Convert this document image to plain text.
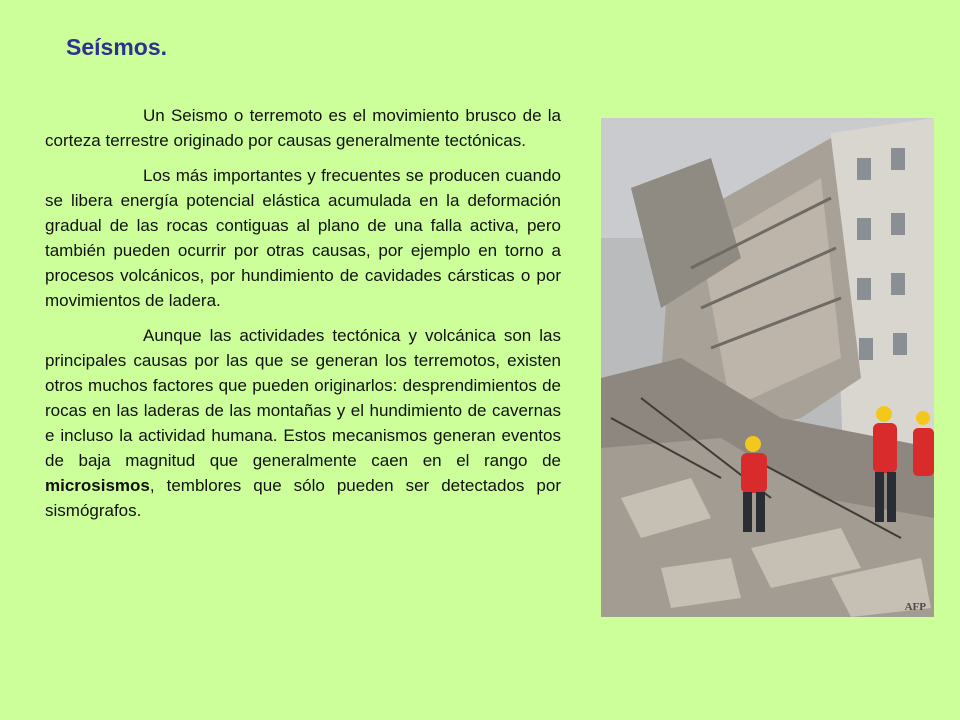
Seísmos.

Un Seismo o terremoto es el movimiento brusco de la corteza terrestre originado por causas generalmente tectónicas.

Los más importantes y frecuentes se producen cuando se libera energía potencial elástica acumulada en la deformación gradual de las rocas contiguas al plano de una falla activa, pero también pueden ocurrir por otras causas, por ejemplo en torno a procesos volcánicos, por hundimiento de cavidades cársticas o por movimientos de ladera.

Aunque las actividades tectónica y volcánica son las principales causas por las que se generan los terremotos, existen otros muchos factores que pueden originarlos: desprendimientos de rocas en las laderas de las montañas y el hundimiento de cavernas e incluso la actividad humana. Estos mecanismos generan eventos de baja magnitud que generalmente caen en el rango de microsismos, temblores que sólo pueden ser detectados por sismógrafos.

AFP
